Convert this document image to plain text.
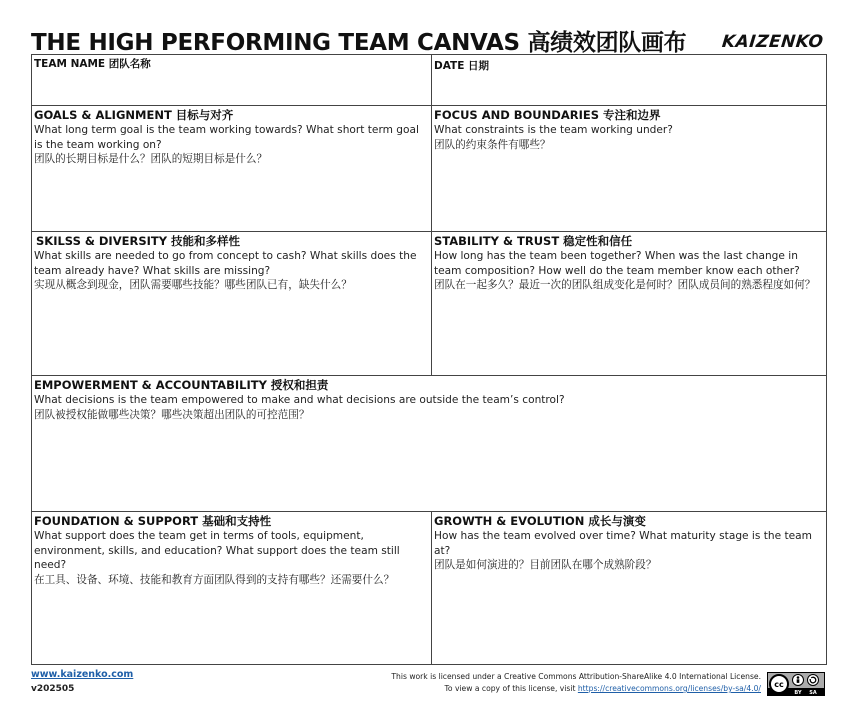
THE HIGH PERFORMING TEAM CANVAS 高绩效团队画布 KAIZENKO
TEAM NAME 团队名称	DATE 日期
GOALS & ALIGNMENT 目标与对齐
What long term goal is the team working towards? What short term goal is the team working on?
团队的长期目标是什么？团队的短期目标是什么？
FOCUS AND BOUNDARIES 专注和边界
What constraints is the team working under?
团队的约束条件有哪些？
SKILSS & DIVERSITY 技能和多样性
What skills are needed to go from concept to cash? What skills does the team already have? What skills are missing?
实现从概念到现金，团队需要哪些技能？哪些团队已有，缺失什么？
STABILITY & TRUST 稳定性和信任
How long has the team been together? When was the last change in team composition? How well do the team member know each other?
团队在一起多久？最近一次的团队组成变化是何时？团队成员间的熟悉程度如何？
EMPOWERMENT & ACCOUNTABILITY 授权和担责
What decisions is the team empowered to make and what decisions are outside the team’s control?
团队被授权能做哪些决策？哪些决策超出团队的可控范围？
FOUNDATION & SUPPORT 基础和支持性
What support does the team get in terms of tools, equipment, environment, skills, and education? What support does the team still need?
在工具、设备、环境、技能和教育方面团队得到的支持有哪些？还需要什么？
GROWTH & EVOLUTION 成长与演变
How has the team evolved over time? What maturity stage is the team at?
团队是如何演进的？目前团队在哪个成熟阶段？
www.kaizenko.com
v202505
This work is licensed under a Creative Commons Attribution-ShareAlike 4.0 International License.
To view a copy of this license, visit https://creativecommons.org/licenses/by-sa/4.0/ cc
BY SA
